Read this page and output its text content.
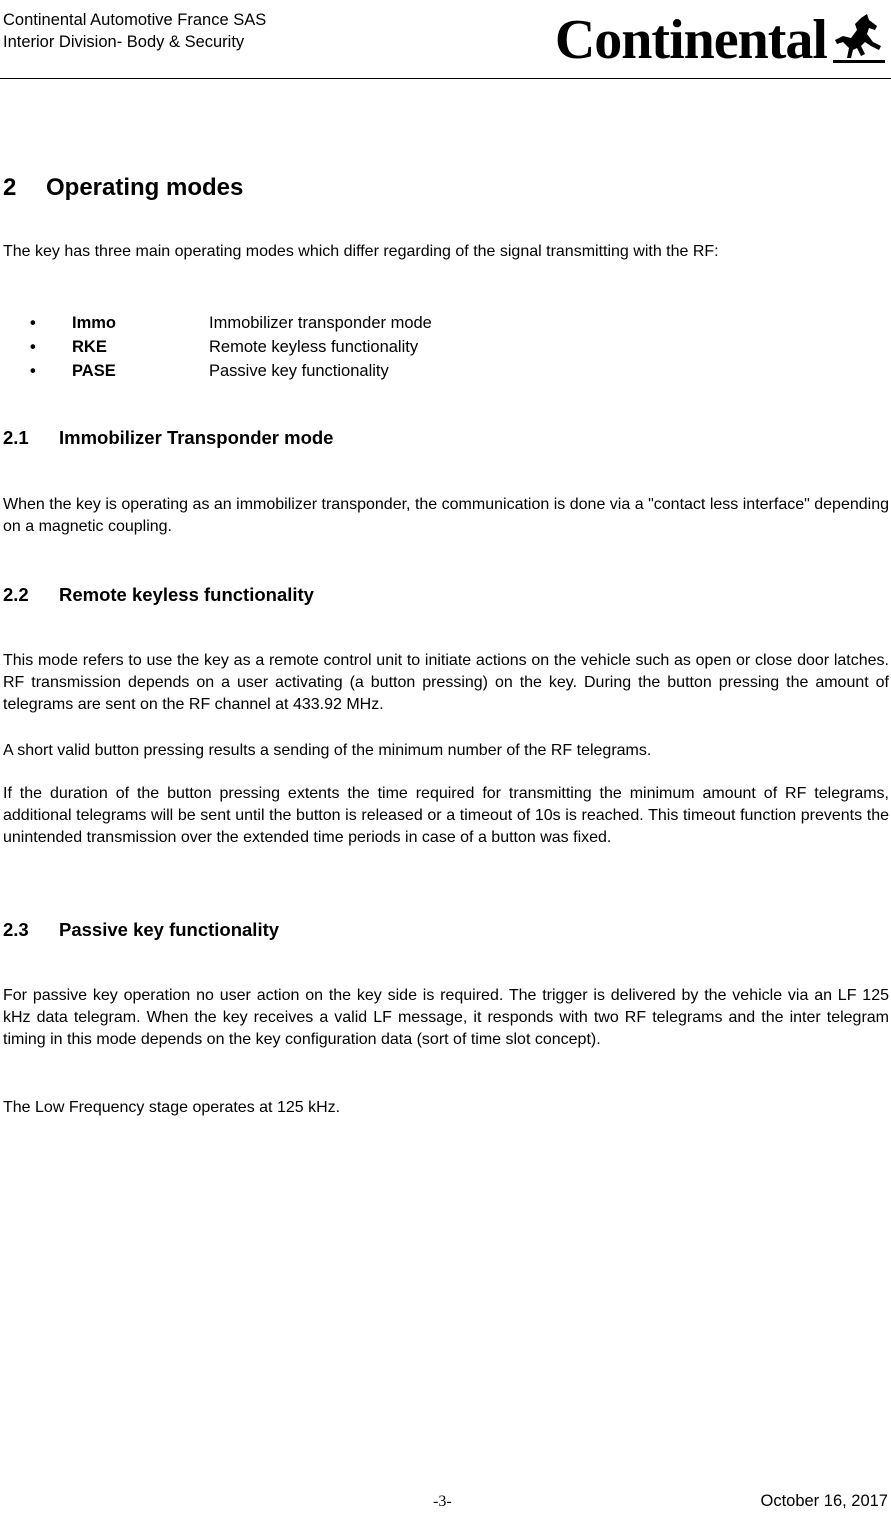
Continental Automotive France SAS
Interior Division- Body & Security	Continental
2 Operating modes

The key has three main operating modes which differ regarding of the signal transmitting with the RF:

•	Immo	Immobilizer transponder mode
•	RKE	Remote keyless functionality
•	PASE	Passive key functionality
2.1 Immobilizer Transponder mode

When the key is operating as an immobilizer transponder, the communication is done via a "contact less interface" depending on a magnetic coupling.

2.2 Remote keyless functionality

This mode refers to use the key as a remote control unit to initiate actions on the vehicle such as open or close door latches. RF transmission depends on a user activating (a button pressing) on the key. During the button pressing the amount of telegrams are sent on the RF channel at 433.92 MHz.

A short valid button pressing results a sending of the minimum number of the RF telegrams.

If the duration of the button pressing extents the time required for transmitting the minimum amount of RF telegrams, additional telegrams will be sent until the button is released or a timeout of 10s is reached. This timeout function prevents the unintended transmission over the extended time periods in case of a button was fixed.

2.3 Passive key functionality

For passive key operation no user action on the key side is required. The trigger is delivered by the vehicle via an LF 125 kHz data telegram. When the key receives a valid LF message, it responds with two RF telegrams and the inter telegram timing in this mode depends on the key configuration data (sort of time slot concept).

The Low Frequency stage operates at 125 kHz.

-3-	October 16, 2017
